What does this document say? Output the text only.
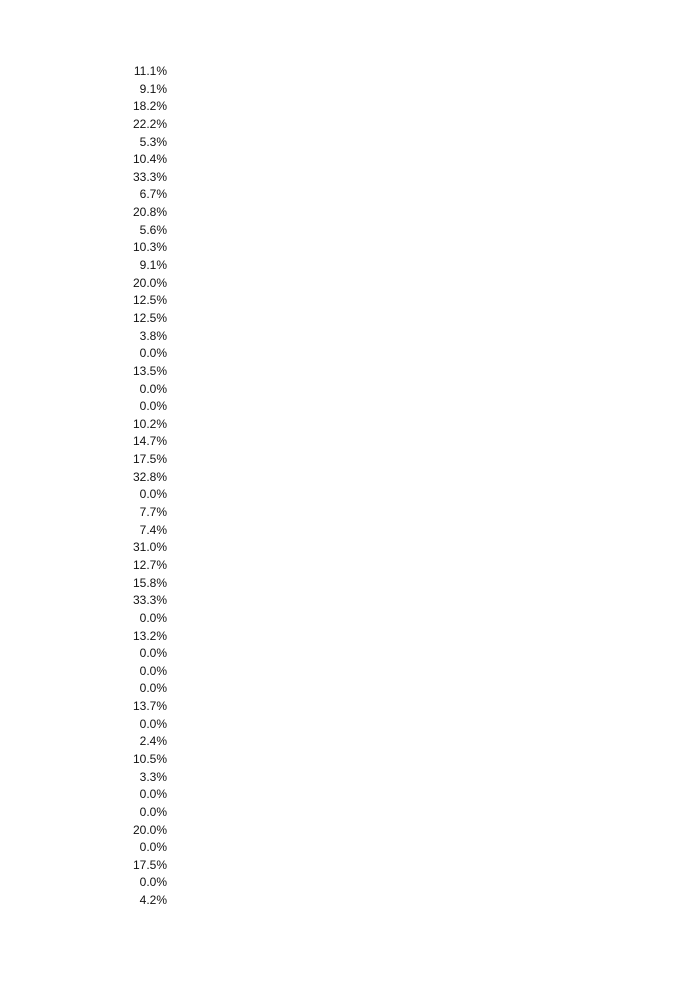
11.1%
9.1%
18.2%
22.2%
5.3%
10.4%
33.3%
6.7%
20.8%
5.6%
10.3%
9.1%
20.0%
12.5%
12.5%
3.8%
0.0%
13.5%
0.0%
0.0%
10.2%
14.7%
17.5%
32.8%
0.0%
7.7%
7.4%
31.0%
12.7%
15.8%
33.3%
0.0%
13.2%
0.0%
0.0%
0.0%
13.7%
0.0%
2.4%
10.5%
3.3%
0.0%
0.0%
20.0%
0.0%
17.5%
0.0%
4.2%
